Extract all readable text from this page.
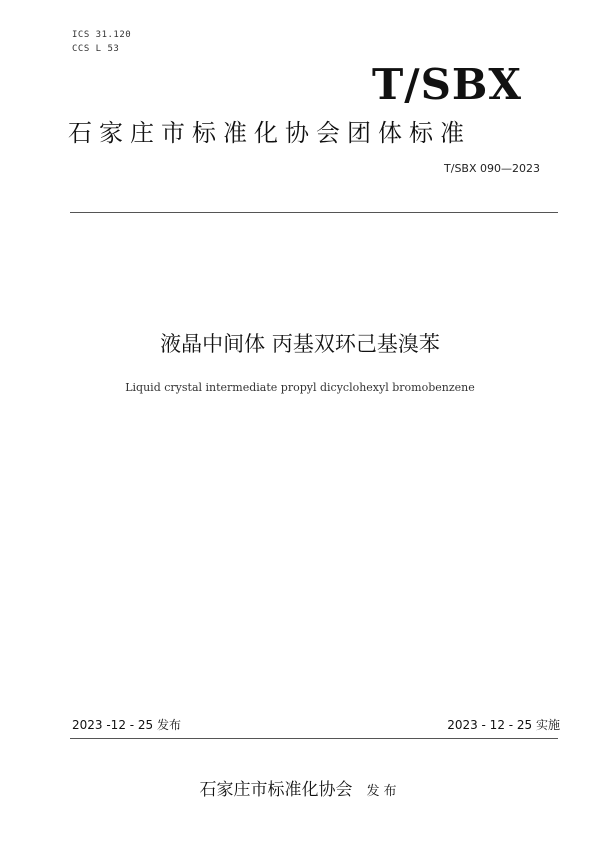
ICS 31.120
CCS L 53
T/SBX
石家庄市标准化协会团体标准
T/SBX 090—2023
液晶中间体 丙基双环己基溴苯
Liquid crystal intermediate propyl dicyclohexyl bromobenzene
2023 -12 - 25 发布	2023 - 12 - 25 实施
石家庄市标准化协会 发布
